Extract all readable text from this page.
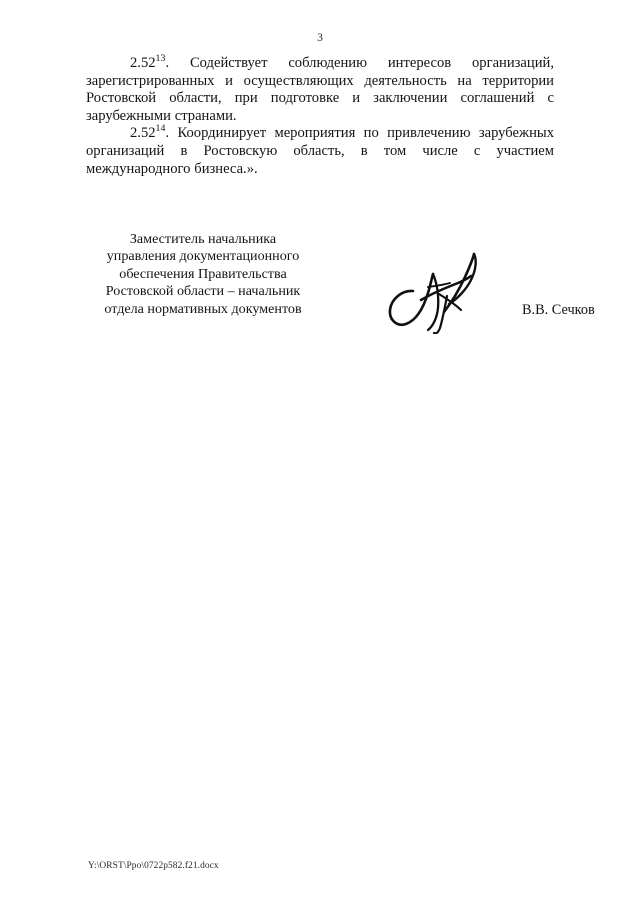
3

2.52$^{13}$. Содействует соблюдению интересов организаций, зарегистрированных и осуществляющих деятельность на территории Ростовской области, при подготовке и заключении соглашений с зарубежными странами.

2.52$^{14}$. Координирует мероприятия по привлечению зарубежных организаций в Ростовскую область, в том числе с участием международного бизнеса.».

Заместитель начальника
управления документационного
обеспечения Правительства
Ростовской области – начальник
отдела нормативных документов	В.В. Сечков
Y:\ORST\Ppo\0722p582.f21.docx
